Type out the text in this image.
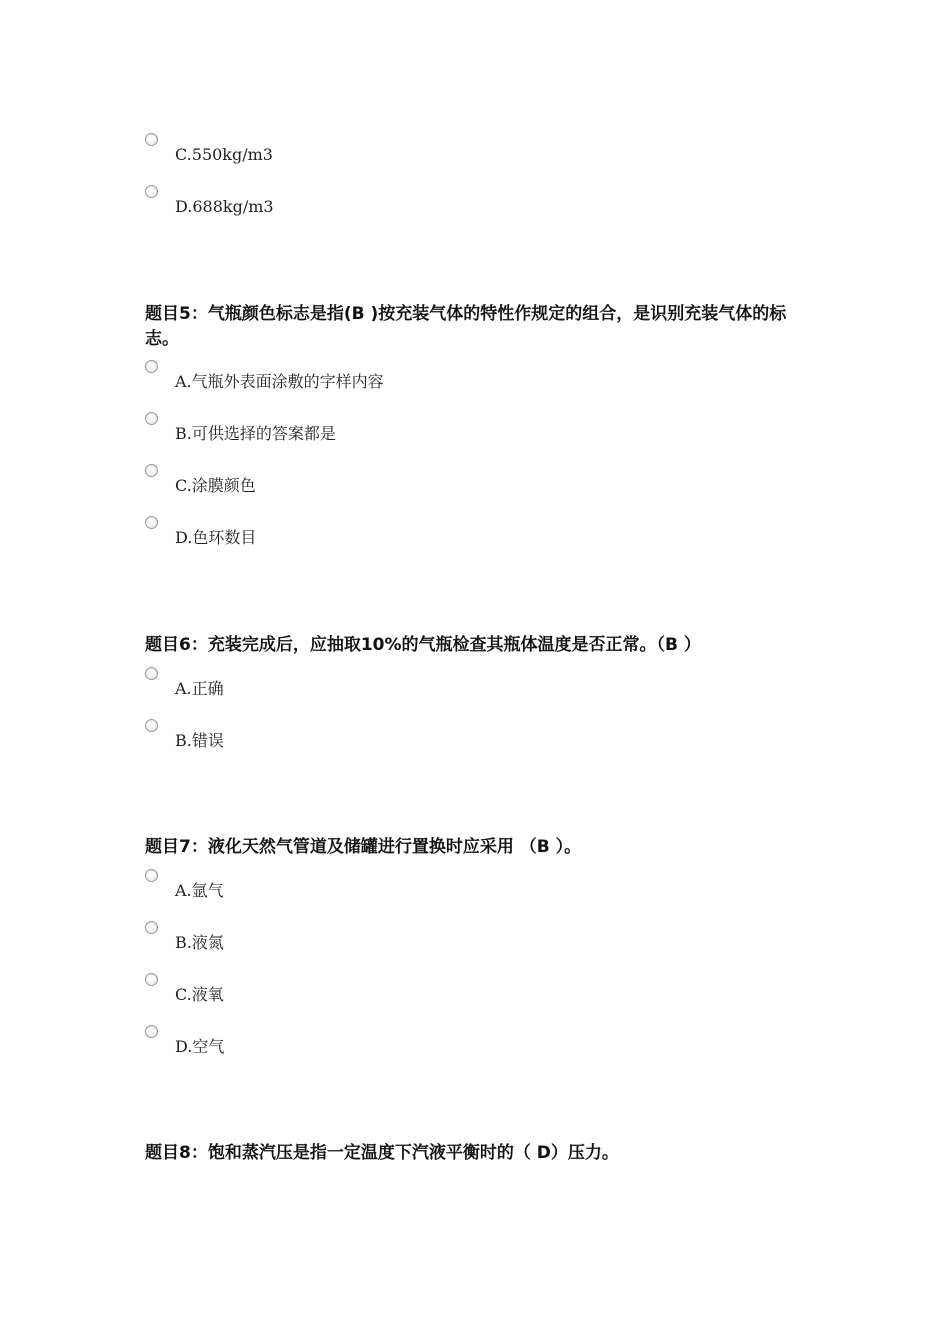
C.550kg/m3
D.688kg/m3

题目5：气瓶颜色标志是指(B )按充装气体的特性作规定的组合，是识别充装气体的标志。

A.气瓶外表面涂敷的字样内容
B.可供选择的答案都是
C.涂膜颜色
D.色环数目

题目6：充装完成后，应抽取10%的气瓶检查其瓶体温度是否正常。（B ）

A.正确
B.错误

题目7：液化天然气管道及储罐进行置换时应采用 （B ）。

A.氩气
B.液氮
C.液氧
D.空气

题目8：饱和蒸汽压是指一定温度下汽液平衡时的（ D）压力。
